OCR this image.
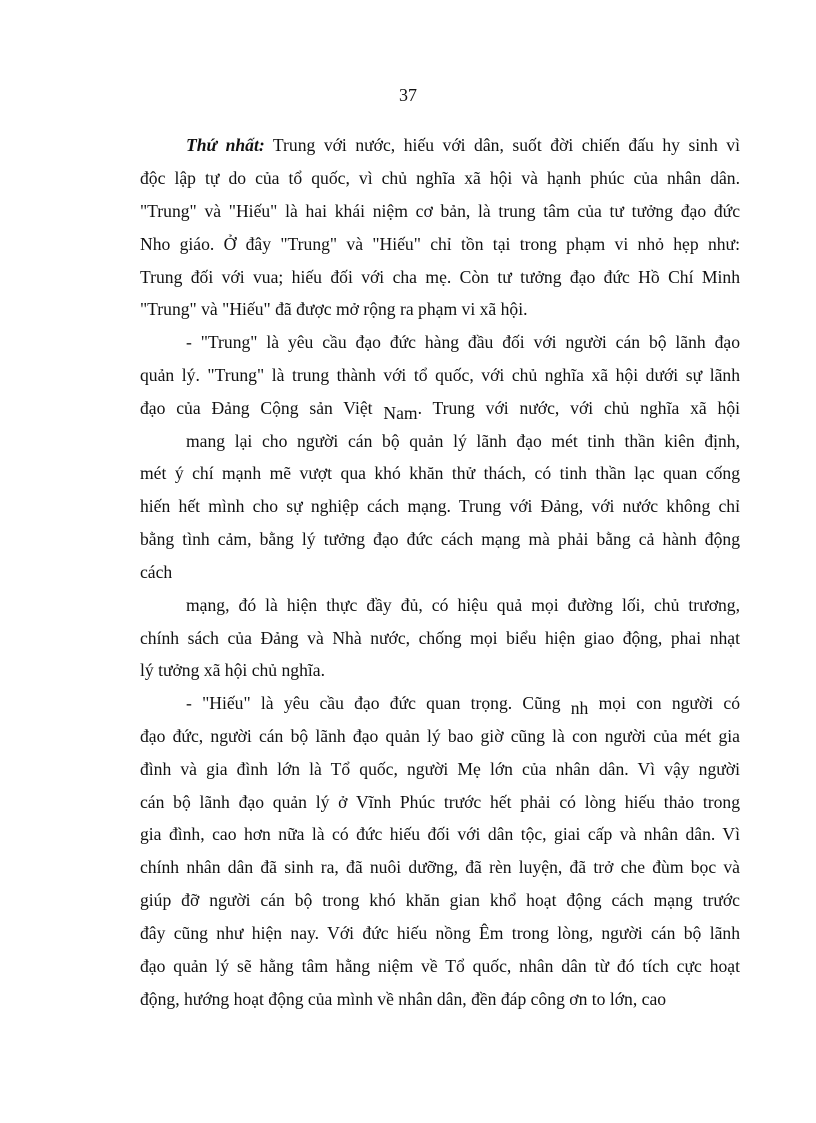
37
Thứ nhất: Trung với nước, hiếu với dân, suốt đời chiến đấu hy sinh vì
độc lập tự do của tổ quốc, vì chủ nghĩa xã hội và hạnh phúc của nhân dân.
"Trung" và "Hiếu" là hai khái niệm cơ bản, là trung tâm của tư tưởng đạo đức
Nho giáo. Ở đây "Trung" và "Hiếu" chỉ tồn tại trong phạm vi nhỏ hẹp như:
Trung đối với vua; hiếu đối với cha mẹ. Còn tư tưởng đạo đức Hồ Chí Minh
"Trung" và "Hiếu" đã được mở rộng ra phạm vi xã hội.
- "Trung" là yêu cầu đạo đức hàng đầu đối với người cán bộ lãnh đạo
quản lý. "Trung" là trung thành với tổ quốc, với chủ nghĩa xã hội dưới sự lãnh
đạo của Đảng Cộng sản Việt Nam. Trung với nước, với chủ nghĩa xã hội
mang lại cho người cán bộ quản lý lãnh đạo mét tinh thần kiên định,
mét ý chí mạnh mẽ vượt qua khó khăn thử thách, có tinh thần lạc quan cống
hiến hết mình cho sự nghiệp cách mạng. Trung với Đảng, với nước không chỉ
bằng tình cảm, bằng lý tưởng đạo đức cách mạng mà phải bằng cả hành động
cách
mạng, đó là hiện thực đầy đủ, có hiệu quả mọi đường lối, chủ trương,
chính sách của Đảng và Nhà nước, chống mọi biểu hiện giao động, phai nhạt
lý tưởng xã hội chủ nghĩa.
- "Hiếu" là yêu cầu đạo đức quan trọng. Cũng nh mọi con người có
đạo đức, người cán bộ lãnh đạo quản lý bao giờ cũng là con người của mét gia
đình và gia đình lớn là Tổ quốc, người Mẹ lớn của nhân dân. Vì vậy người
cán bộ lãnh đạo quản lý ở Vĩnh Phúc trước hết phải có lòng hiếu thảo trong
gia đình, cao hơn nữa là có đức hiếu đối với dân tộc, giai cấp và nhân dân. Vì
chính nhân dân đã sinh ra, đã nuôi dưỡng, đã rèn luyện, đã trở che đùm bọc và
giúp đỡ người cán bộ trong khó khăn gian khổ hoạt động cách mạng trước
đây cũng như hiện nay. Với đức hiếu nồng Êm trong lòng, người cán bộ lãnh
đạo quản lý sẽ hằng tâm hằng niệm về Tổ quốc, nhân dân từ đó tích cực hoạt
động, hướng hoạt động của mình về nhân dân, đền đáp công ơn to lớn, cao
